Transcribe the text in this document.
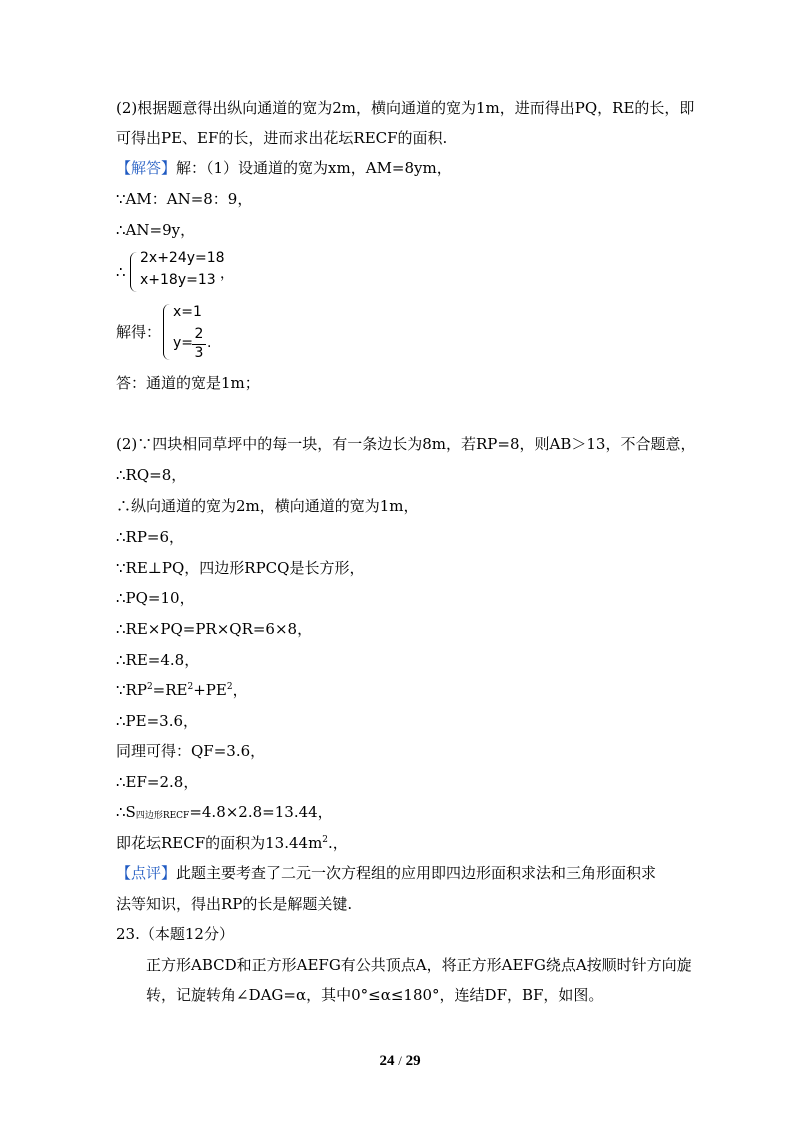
(2)根据题意得出纵向通道的宽为2m，横向通道的宽为1m，进而得出PQ，RE的长，即
可得出PE、EF的长，进而求出花坛RECF的面积.
【解答】解：（1）设通道的宽为xm，AM=8ym，
∵AM：AN=8：9，
∴AN=9y，
∴
2x+24y=18
x+18y=13 ，
解得：
x=1
y=
2
3
.
答：通道的宽是1m；
(2)∵四块相同草坪中的每一块，有一条边长为8m，若RP=8，则AB＞13，不合题意，
∴RQ=8，
∴纵向通道的宽为2m，横向通道的宽为1m，
∴RP=6，
∵RE⊥PQ，四边形RPCQ是长方形，
∴PQ=10，
∴RE×PQ=PR×QR=6×8，
∴RE=4.8，
$\because RP^2=RE^2+PE^2$，
∴PE=3.6，
同理可得：QF=3.6，
∴EF=2.8，
$\therefore S_{四边形RECF}=4.8\times 2.8=13.44$，
即花坛RECF的面积为$13.44m^2$.，
【点评】此题主要考查了二元一次方程组的应用即四边形面积求法和三角形面积求
法等知识，得出RP的长是解题关键.
23.（本题12分）
正方形ABCD和正方形AEFG有公共顶点A，将正方形AEFG绕点A按顺时针方向旋
转，记旋转角∠DAG=α，其中0°≤α≤180°，连结DF，BF，如图。
24 / 29
